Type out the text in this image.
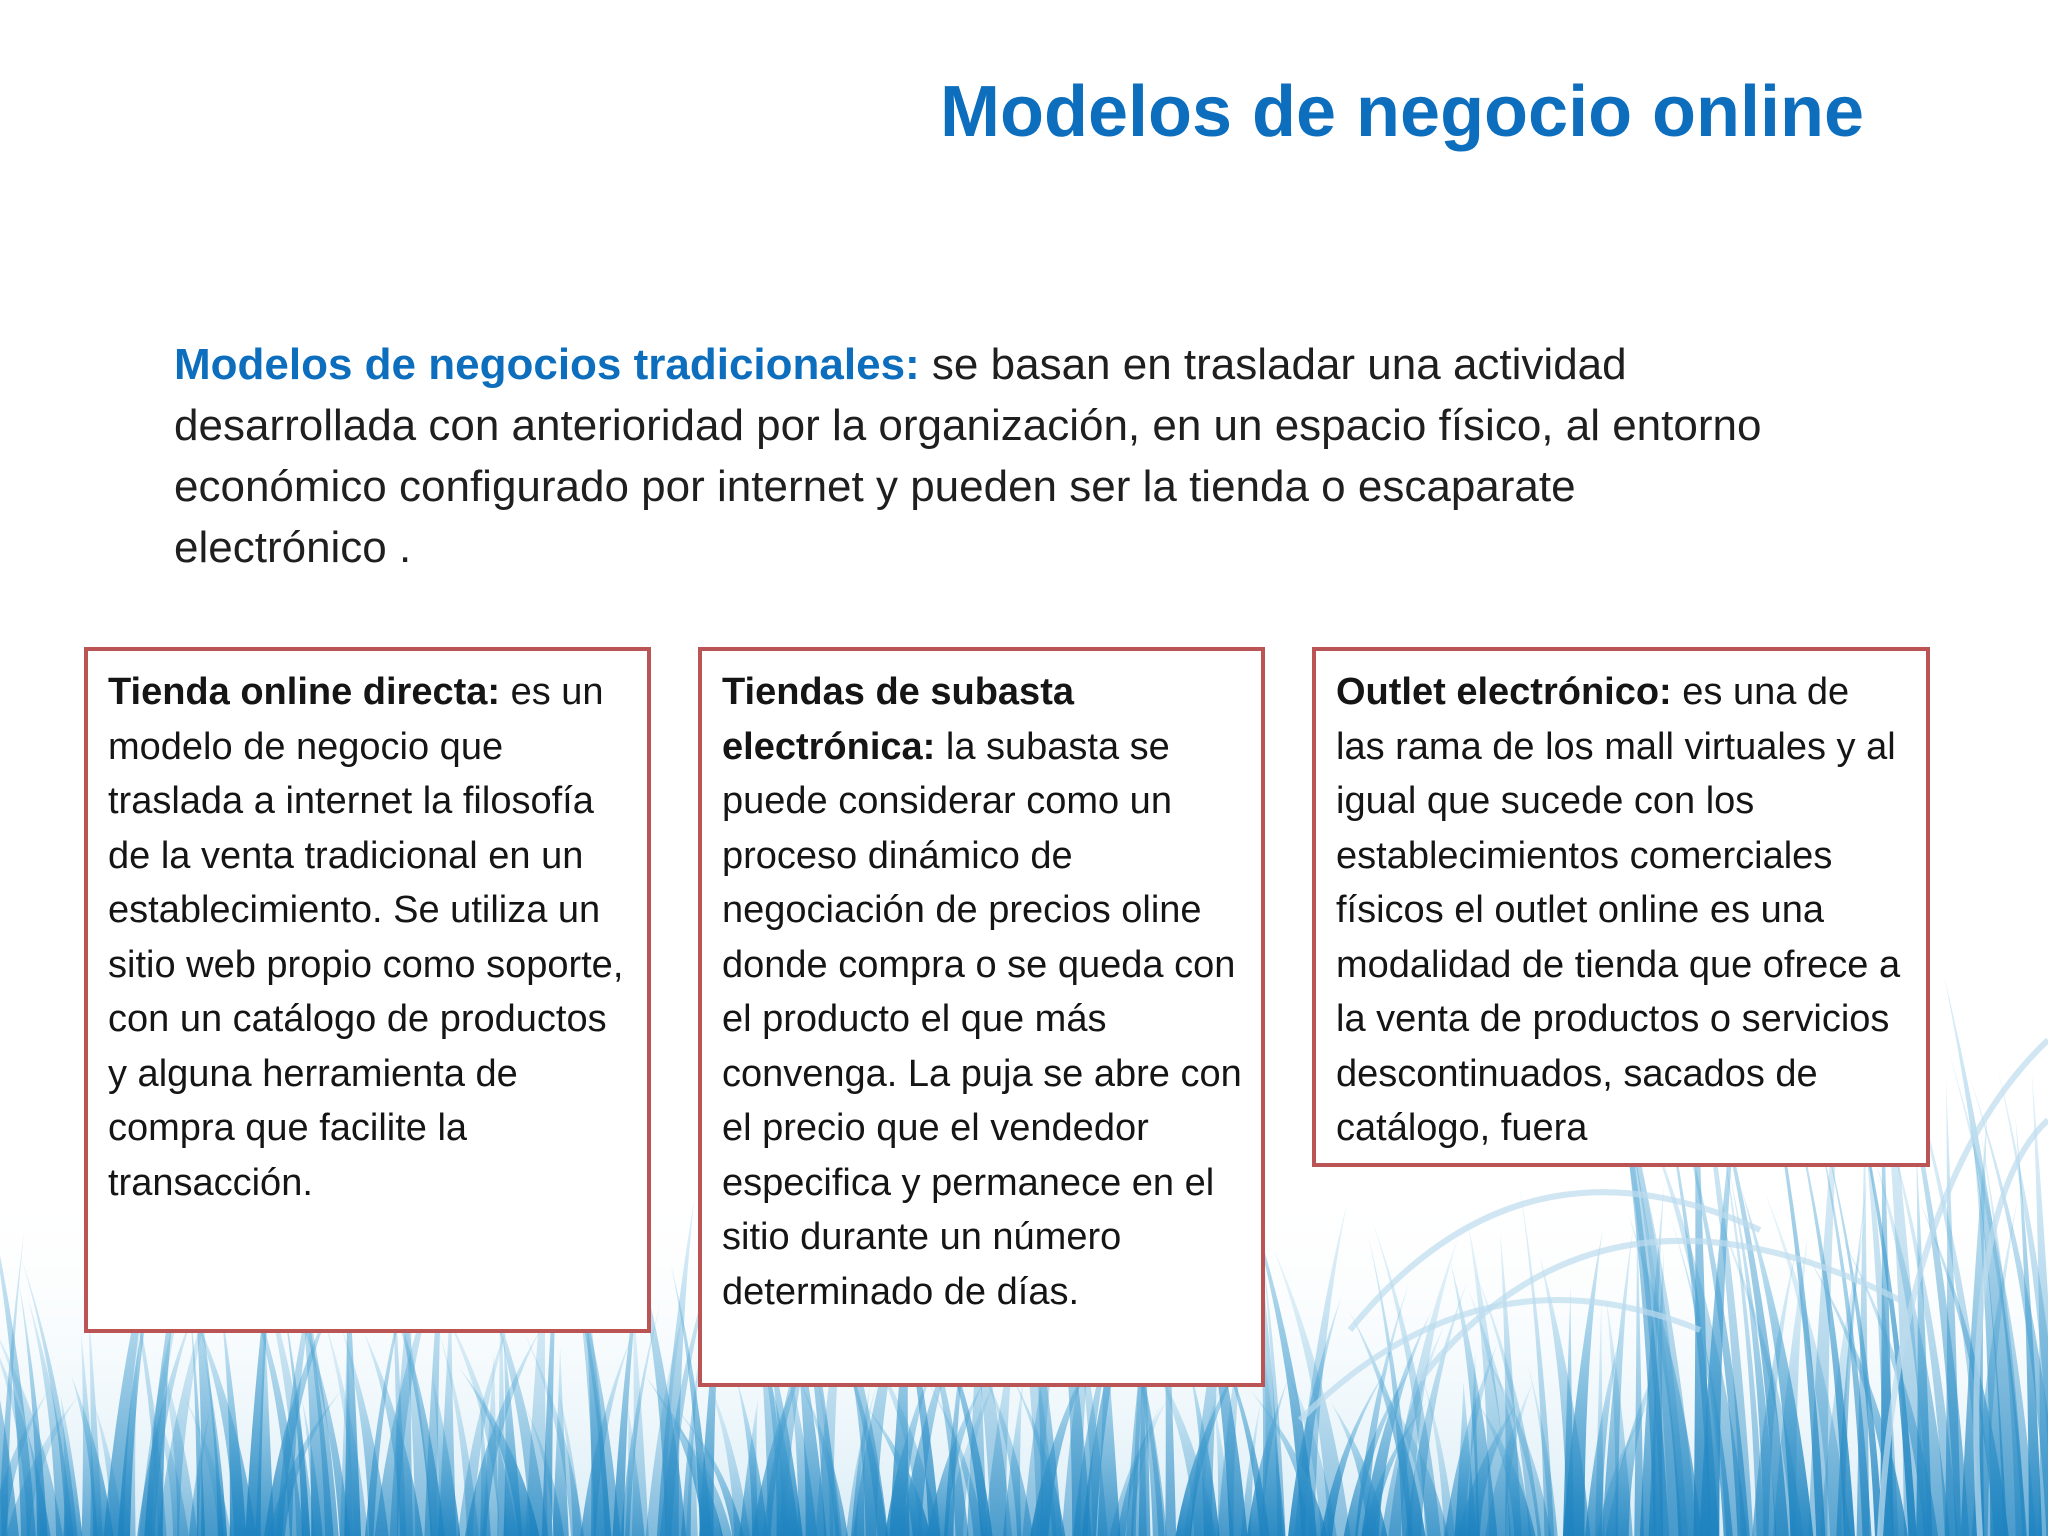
Modelos de negocio online

Modelos de negocios tradicionales: se basan en trasladar una actividad desarrollada con anterioridad por la organización, en un espacio físico, al entorno económico configurado por internet y pueden ser la tienda o escaparate electrónico .

Tienda online directa: es un modelo de negocio que traslada a internet la filosofía de la venta tradicional en un establecimiento. Se utiliza un sitio web propio como soporte, con un catálogo de productos y alguna herramienta de compra que facilite la transacción.
Tiendas de subasta electrónica: la subasta se puede considerar como un proceso dinámico de negociación de precios oline donde compra o se queda con el producto el que más convenga. La puja se abre con el precio que el vendedor especifica y permanece en el sitio durante un número determinado de días.
Outlet electrónico: es una de las rama de los mall virtuales y al igual que sucede con los establecimientos comerciales físicos el outlet online es una modalidad de tienda que ofrece a la venta de productos o servicios descontinuados, sacados de catálogo, fuera
